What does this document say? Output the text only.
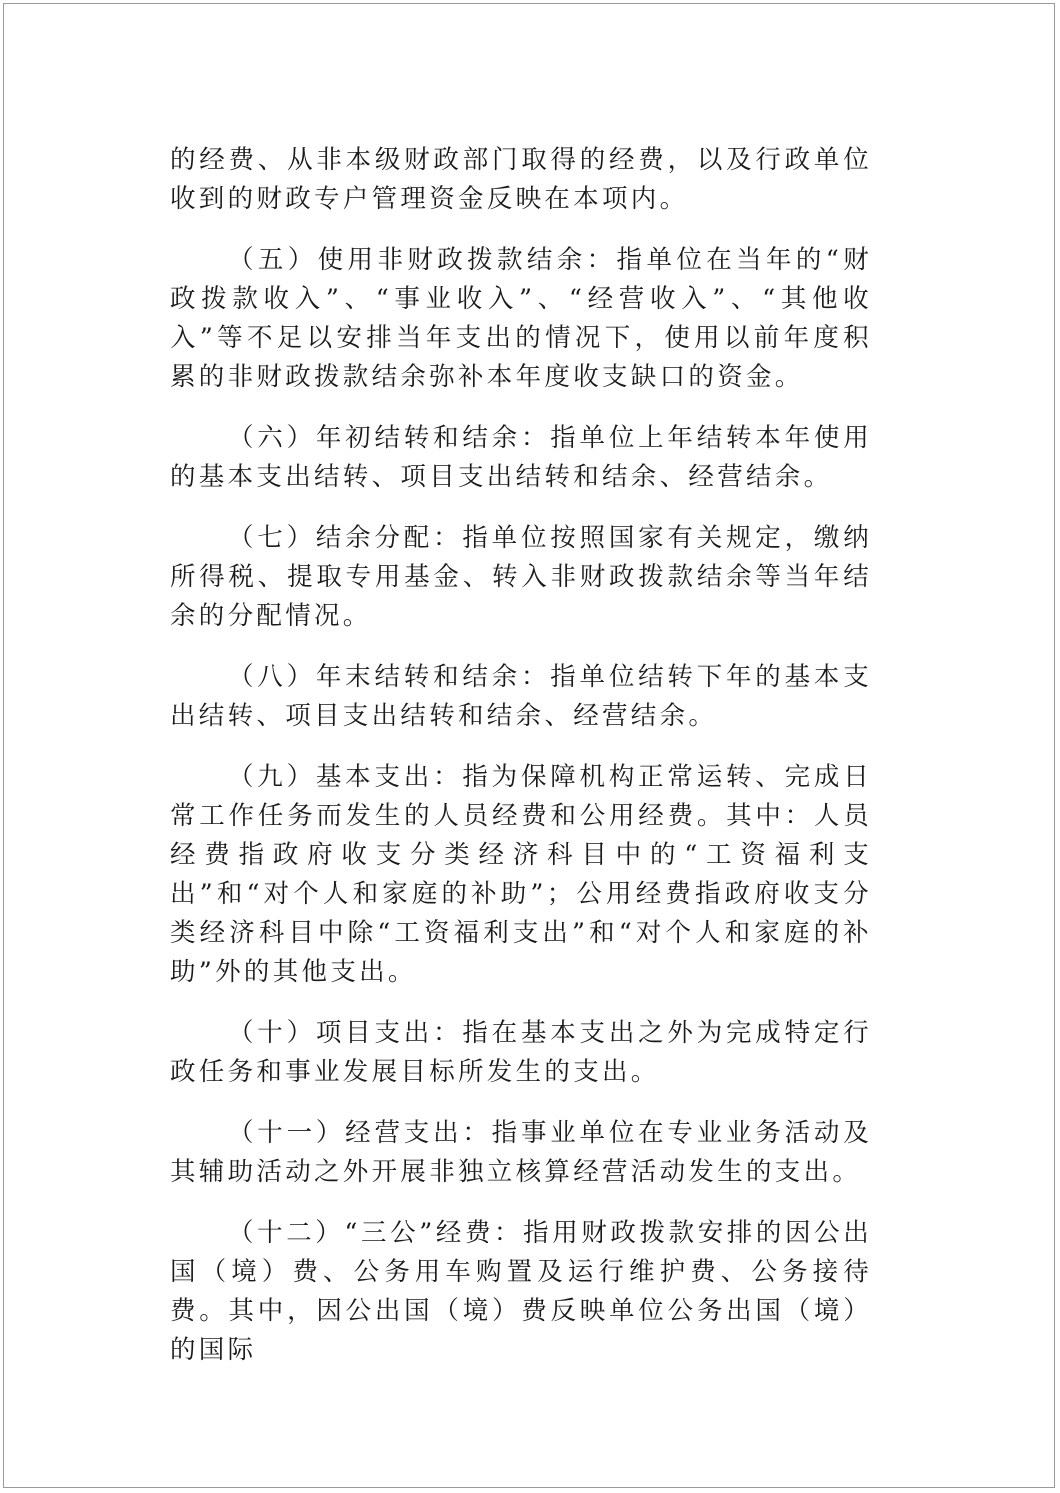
的经费、从非本级财政部门取得的经费，以及行政单位收到的财政专户管理资金反映在本项内。

（五）使用非财政拨款结余：指单位在当年的“财政拨款收入”、“事业收入”、“经营收入”、“其他收入”等不足以安排当年支出的情况下，使用以前年度积累的非财政拨款结余弥补本年度收支缺口的资金。

（六）年初结转和结余：指单位上年结转本年使用的基本支出结转、项目支出结转和结余、经营结余。

（七）结余分配：指单位按照国家有关规定，缴纳所得税、提取专用基金、转入非财政拨款结余等当年结余的分配情况。

（八）年末结转和结余：指单位结转下年的基本支出结转、项目支出结转和结余、经营结余。

（九）基本支出：指为保障机构正常运转、完成日常工作任务而发生的人员经费和公用经费。其中：人员经费指政府收支分类经济科目中的“工资福利支出”和“对个人和家庭的补助”；公用经费指政府收支分类经济科目中除“工资福利支出”和“对个人和家庭的补助”外的其他支出。

（十）项目支出：指在基本支出之外为完成特定行政任务和事业发展目标所发生的支出。

（十一）经营支出：指事业单位在专业业务活动及其辅助活动之外开展非独立核算经营活动发生的支出。

（十二）“三公”经费：指用财政拨款安排的因公出国（境）费、公务用车购置及运行维护费、公务接待费。其中，因公出国（境）费反映单位公务出国（境）的国际
